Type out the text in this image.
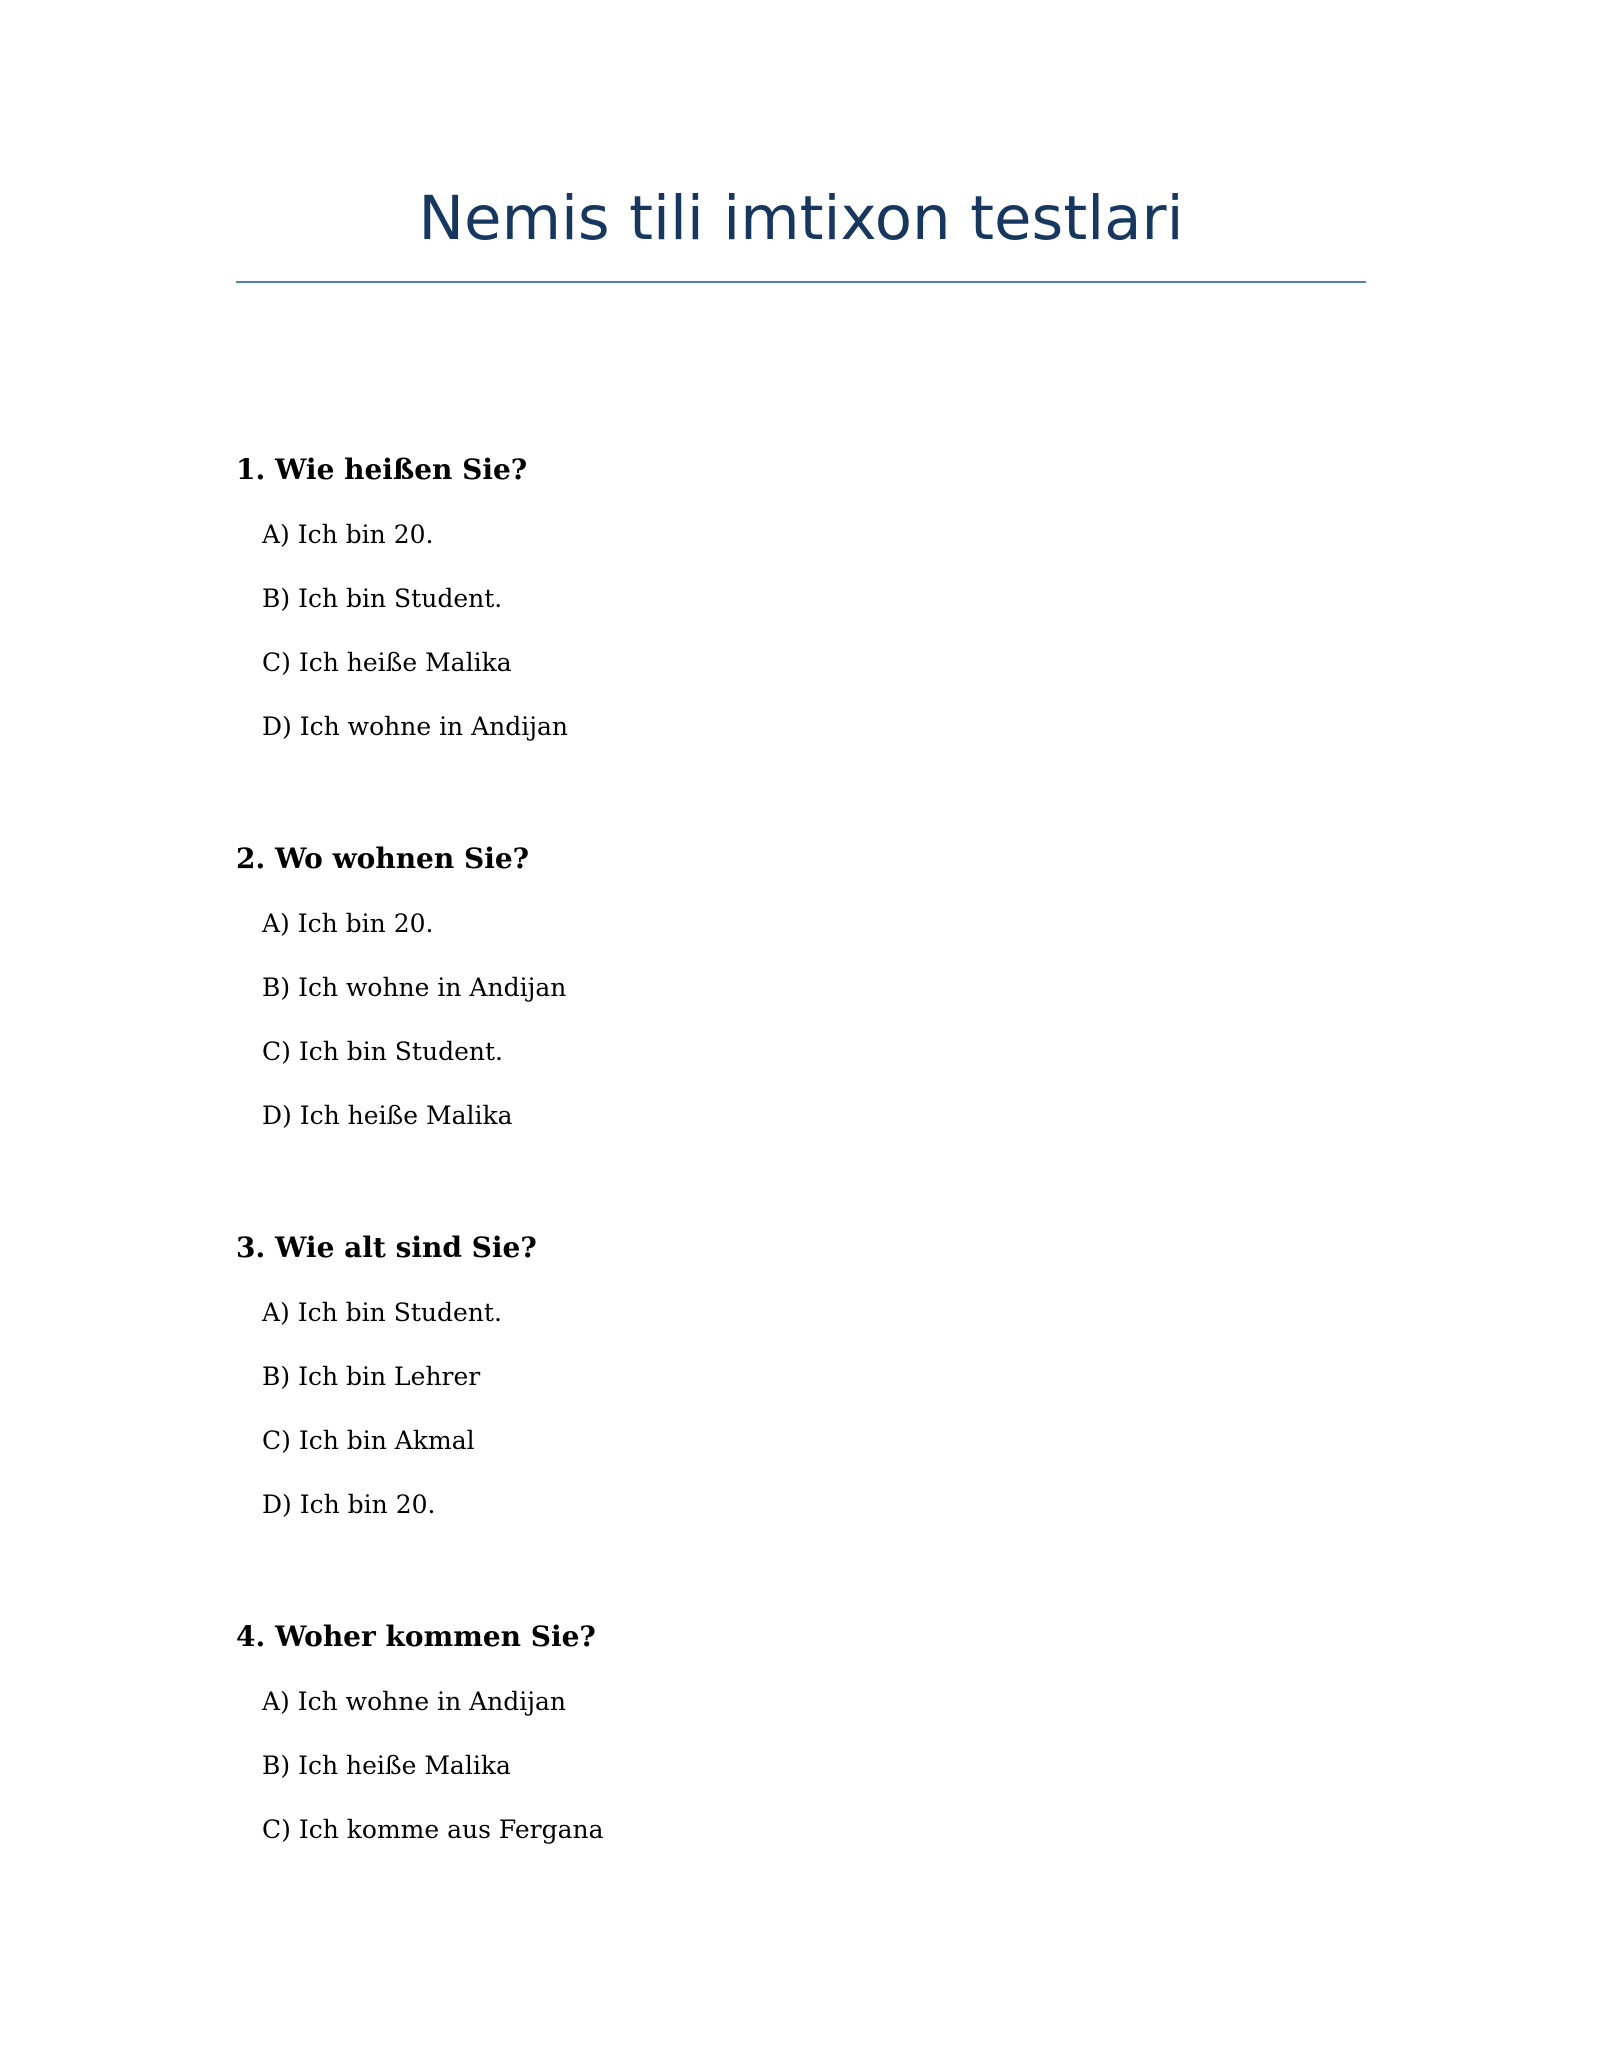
Nemis tili imtixon testlari

1. Wie heißen Sie?

A) Ich bin 20.
B) Ich bin Student.
C) Ich heiße Malika
D) Ich wohne in Andijan

2. Wo wohnen Sie?

A) Ich bin 20.
B) Ich wohne in Andijan
C) Ich bin Student.
D) Ich heiße Malika

3. Wie alt sind Sie?

A) Ich bin Student.
B) Ich bin Lehrer
C) Ich bin Akmal
D) Ich bin 20.

4. Woher kommen Sie?

A) Ich wohne in Andijan
B) Ich heiße Malika
C) Ich komme aus Fergana
